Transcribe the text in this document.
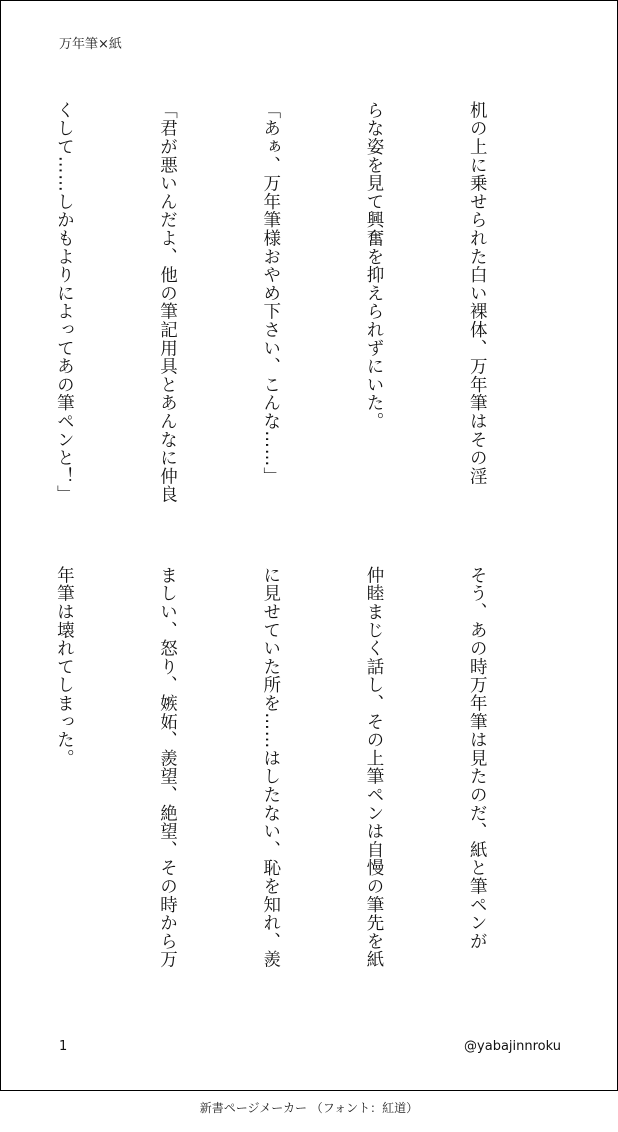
万年筆×紙

机の上に乗せられた白い裸体、万年筆はその淫

らな姿を見て興奮を抑えられずにいた。

「あぁ、万年筆様おやめ下さい、こんな……」

「君が悪いんだよ、他の筆記用具とあんなに仲良

くして……しかもよりによってあの筆ペンと！」

そう、あの時万年筆は見たのだ、紙と筆ペンが

仲睦まじく話し、その上筆ペンは自慢の筆先を紙

に見せていた所を……はしたない、恥を知れ、羨

ましい、怒り、嫉妬、羨望、絶望、その時から万

年筆は壊れてしまった。

1	@yabajinnroku
新書ページメーカー （フォント：紅道）
